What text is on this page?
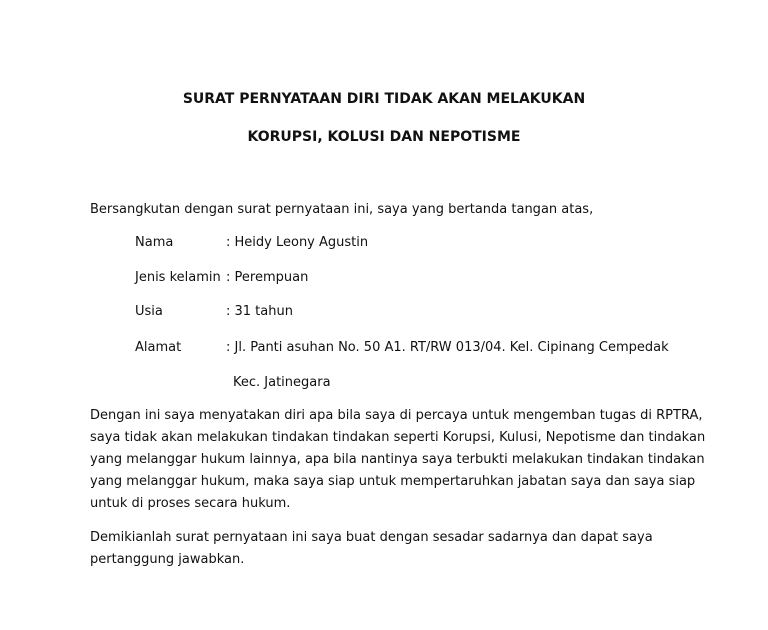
SURAT PERNYATAAN DIRI TIDAK AKAN MELAKUKAN
KORUPSI, KOLUSI DAN NEPOTISME
Bersangkutan dengan surat pernyataan ini, saya yang bertanda tangan atas,
Nama	: Heidy Leony Agustin
Jenis kelamin : Perempuan
Usia	: 31 tahun
Alamat	: Jl. Panti asuhan No. 50 A1. RT/RW 013/04. Kel. Cipinang Cempedak
Kec. Jatinegara
Dengan ini saya menyatakan diri apa bila saya di percaya untuk mengemban tugas di RPTRA,
saya tidak akan melakukan tindakan tindakan seperti Korupsi, Kulusi, Nepotisme dan tindakan
yang melanggar hukum lainnya, apa bila nantinya saya terbukti melakukan tindakan tindakan
yang melanggar hukum, maka saya siap untuk mempertaruhkan jabatan saya dan saya siap
untuk di proses secara hukum.
Demikianlah surat pernyataan ini saya buat dengan sesadar sadarnya dan dapat saya
pertanggung jawabkan.
